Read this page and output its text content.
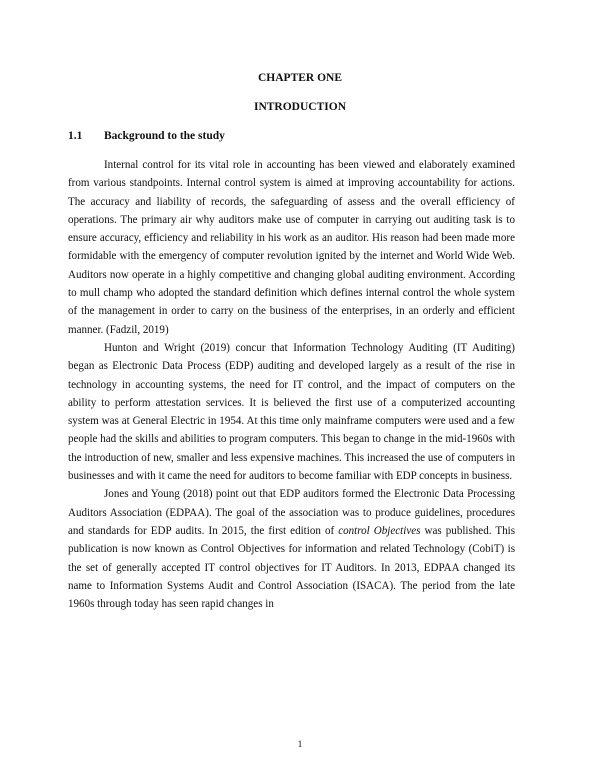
CHAPTER ONE
INTRODUCTION
1.1 Background to the study

Internal control for its vital role in accounting has been viewed and elaborately examined from various standpoints. Internal control system is aimed at improving accountability for actions. The accuracy and liability of records, the safeguarding of assess and the overall efficiency of operations. The primary air why auditors make use of computer in carrying out auditing task is to ensure accuracy, efficiency and reliability in his work as an auditor. His reason had been made more formidable with the emergency of computer revolution ignited by the internet and World Wide Web. Auditors now operate in a highly competitive and changing global auditing environment. According to mull champ who adopted the standard definition which defines internal control the whole system of the management in order to carry on the business of the enterprises, in an orderly and efficient manner. (Fadzil, 2019)

Hunton and Wright (2019) concur that Information Technology Auditing (IT Auditing) began as Electronic Data Process (EDP) auditing and developed largely as a result of the rise in technology in accounting systems, the need for IT control, and the impact of computers on the ability to perform attestation services. It is believed the first use of a computerized accounting system was at General Electric in 1954. At this time only mainframe computers were used and a few people had the skills and abilities to program computers. This began to change in the mid-1960s with the introduction of new, smaller and less expensive machines. This increased the use of computers in businesses and with it came the need for auditors to become familiar with EDP concepts in business.

Jones and Young (2018) point out that EDP auditors formed the Electronic Data Processing Auditors Association (EDPAA). The goal of the association was to produce guidelines, procedures and standards for EDP audits. In 2015, the first edition of control Objectives was published. This publication is now known as Control Objectives for information and related Technology (CobiT) is the set of generally accepted IT control objectives for IT Auditors. In 2013, EDPAA changed its name to Information Systems Audit and Control Association (ISACA). The period from the late 1960s through today has seen rapid changes in

1
